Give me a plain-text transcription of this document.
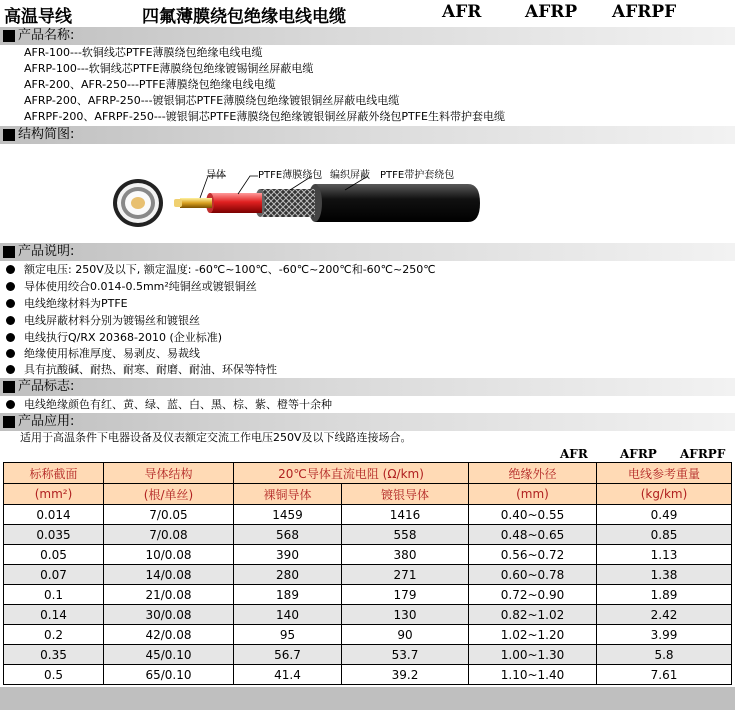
高温导线	四氟薄膜绕包绝缘电线电缆	AFR	AFRP AFRPF
产品名称:
AFR-100---软铜线芯PTFE薄膜绕包绝缘电线电缆
AFRP-100---软铜线芯PTFE薄膜绕包绝缘镀锡铜丝屏蔽电缆
AFR-200、AFR-250---PTFE薄膜绕包绝缘电线电缆
AFRP-200、AFRP-250---镀银铜芯PTFE薄膜绕包绝缘镀银铜丝屏蔽电线电缆
AFRPF-200、AFRPF-250---镀银铜芯PTFE薄膜绕包绝缘镀银铜丝屏蔽外绕包PTFE生料带护套电缆
结构简图:
导体	PTFE薄膜绕包 编织屏蔽 PTFE带护套绕包
产品说明:
额定电压: 250V及以下, 额定温度: -60℃~100℃、-60℃~200℃和-60℃~250℃
导体使用绞合0.014-0.5mm²纯铜丝或镀银铜丝
电线绝缘材料为PTFE
电线屏蔽材料分别为镀锡丝和镀银丝
电线执行Q/RX 20368-2010 (企业标准)
绝缘使用标准厚度、易剥皮、易裁线
具有抗酸碱、耐热、耐寒、耐磨、耐油、环保等特性
产品标志:
电线绝缘颜色有红、黄、绿、蓝、白、黑、棕、紫、橙等十余种
产品应用:
适用于高温条件下电器设备及仪表额定交流工作电压250V及以下线路连接场合。
AFR	AFRP AFRPF
标称截面	导体结构	20℃导体直流电阻 (Ω/km)		绝缘外径	电线参考重量
(mm²)	(根/单丝)	裸铜导体	镀银导体	(mm)	(kg/km)
0.014	7/0.05	1459	1416	0.40~0.55	0.49
0.035	7/0.08	568	558	0.48~0.65	0.85
0.05	10/0.08	390	380	0.56~0.72	1.13
0.07	14/0.08	280	271	0.60~0.78	1.38
0.1	21/0.08	189	179	0.72~0.90	1.89
0.14	30/0.08	140	130	0.82~1.02	2.42
0.2	42/0.08	95	90	1.02~1.20	3.99
0.35	45/0.10	56.7	53.7	1.00~1.30	5.8
0.5	65/0.10	41.4	39.2	1.10~1.40	7.61
